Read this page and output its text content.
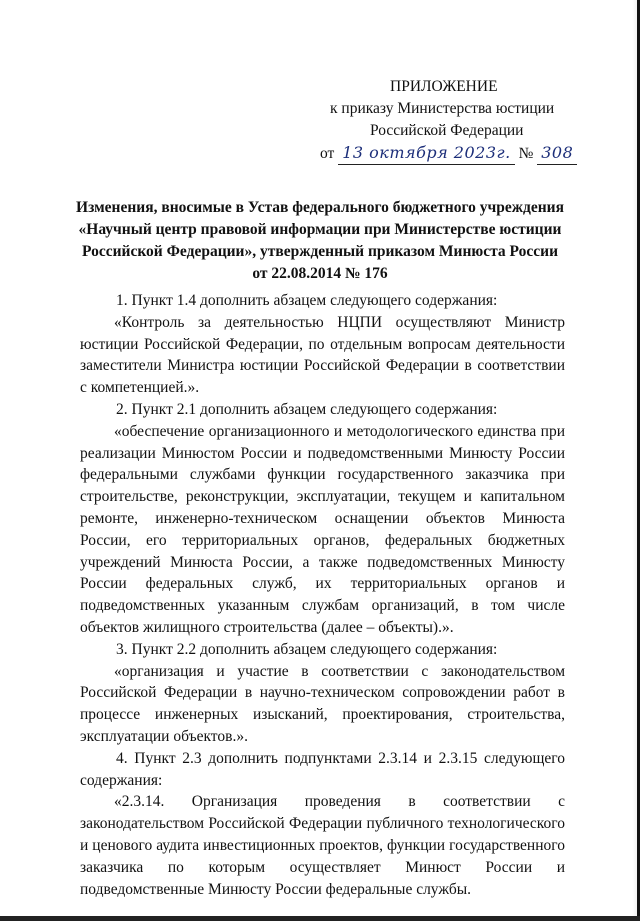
ПРИЛОЖЕНИЕ
к приказу Министерства юстиции
Российской Федерации
от 13 октября 2023г. № 308
Изменения, вносимые в Устав федерального бюджетного учреждения
«Научный центр правовой информации при Министерстве юстиции
Российской Федерации», утвержденный приказом Минюста России
от 22.08.2014 № 176

1. Пункт 1.4 дополнить абзацем следующего содержания:

«Контроль за деятельностью НЦПИ осуществляют Министр юстиции Российской Федерации, по отдельным вопросам деятельности заместители Министра юстиции Российской Федерации в соответствии с компетенцией.».

2. Пункт 2.1 дополнить абзацем следующего содержания:

«обеспечение организационного и методологического единства при реализации Минюстом России и подведомственными Минюсту России федеральными службами функции государственного заказчика при строительстве, реконструкции, эксплуатации, текущем и капитальном ремонте, инженерно-техническом оснащении объектов Минюста России, его территориальных органов, федеральных бюджетных учреждений Минюста России, а также подведомственных Минюсту России федеральных служб, их территориальных органов и подведомственных указанным службам организаций, в том числе объектов жилищного строительства (далее – объекты).».

3. Пункт 2.2 дополнить абзацем следующего содержания:

«организация и участие в соответствии с законодательством Российской Федерации в научно-техническом сопровождении работ в процессе инженерных изысканий, проектирования, строительства, эксплуатации объектов.».

4. Пункт 2.3 дополнить подпунктами 2.3.14 и 2.3.15 следующего содержания:

«2.3.14. Организация проведения в соответствии с законодательством Российской Федерации публичного технологического и ценового аудита инвестиционных проектов, функции государственного заказчика по которым осуществляет Минюст России и подведомственные Минюсту России федеральные службы.
